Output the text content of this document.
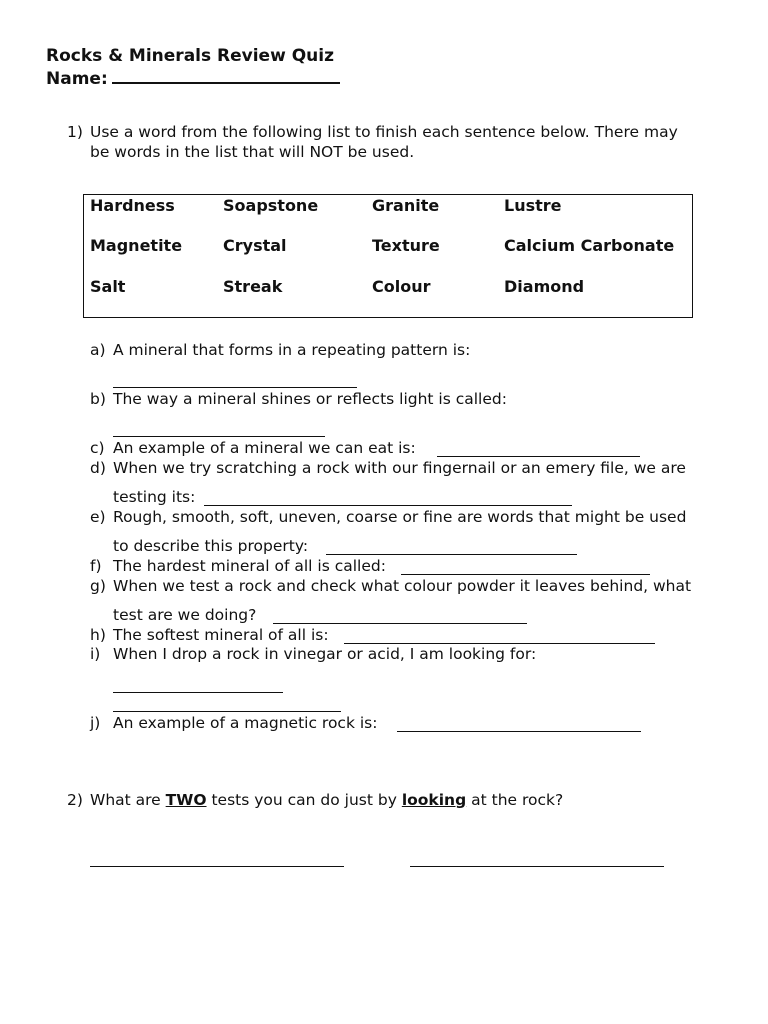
Rocks & Minerals Review Quiz
Name:
1) Use a word from the following list to finish each sentence below. There may
be words in the list that will NOT be used.
Hardness	Soapstone	Granite	Lustre
Magnetite	Crystal	Texture	Calcium Carbonate
Salt	Streak	Colour	Diamond
a) A mineral that forms in a repeating pattern is:
b) The way a mineral shines or reflects light is called:
c) An example of a mineral we can eat is:
d) When we try scratching a rock with our fingernail or an emery file, we are
testing its:
e) Rough, smooth, soft, uneven, coarse or fine are words that might be used
to describe this property:
f) The hardest mineral of all is called:
g) When we test a rock and check what colour powder it leaves behind, what
test are we doing?
h) The softest mineral of all is:
i) When I drop a rock in vinegar or acid, I am looking for:
j) An example of a magnetic rock is:
2) What are TWO tests you can do just by looking at the rock?
